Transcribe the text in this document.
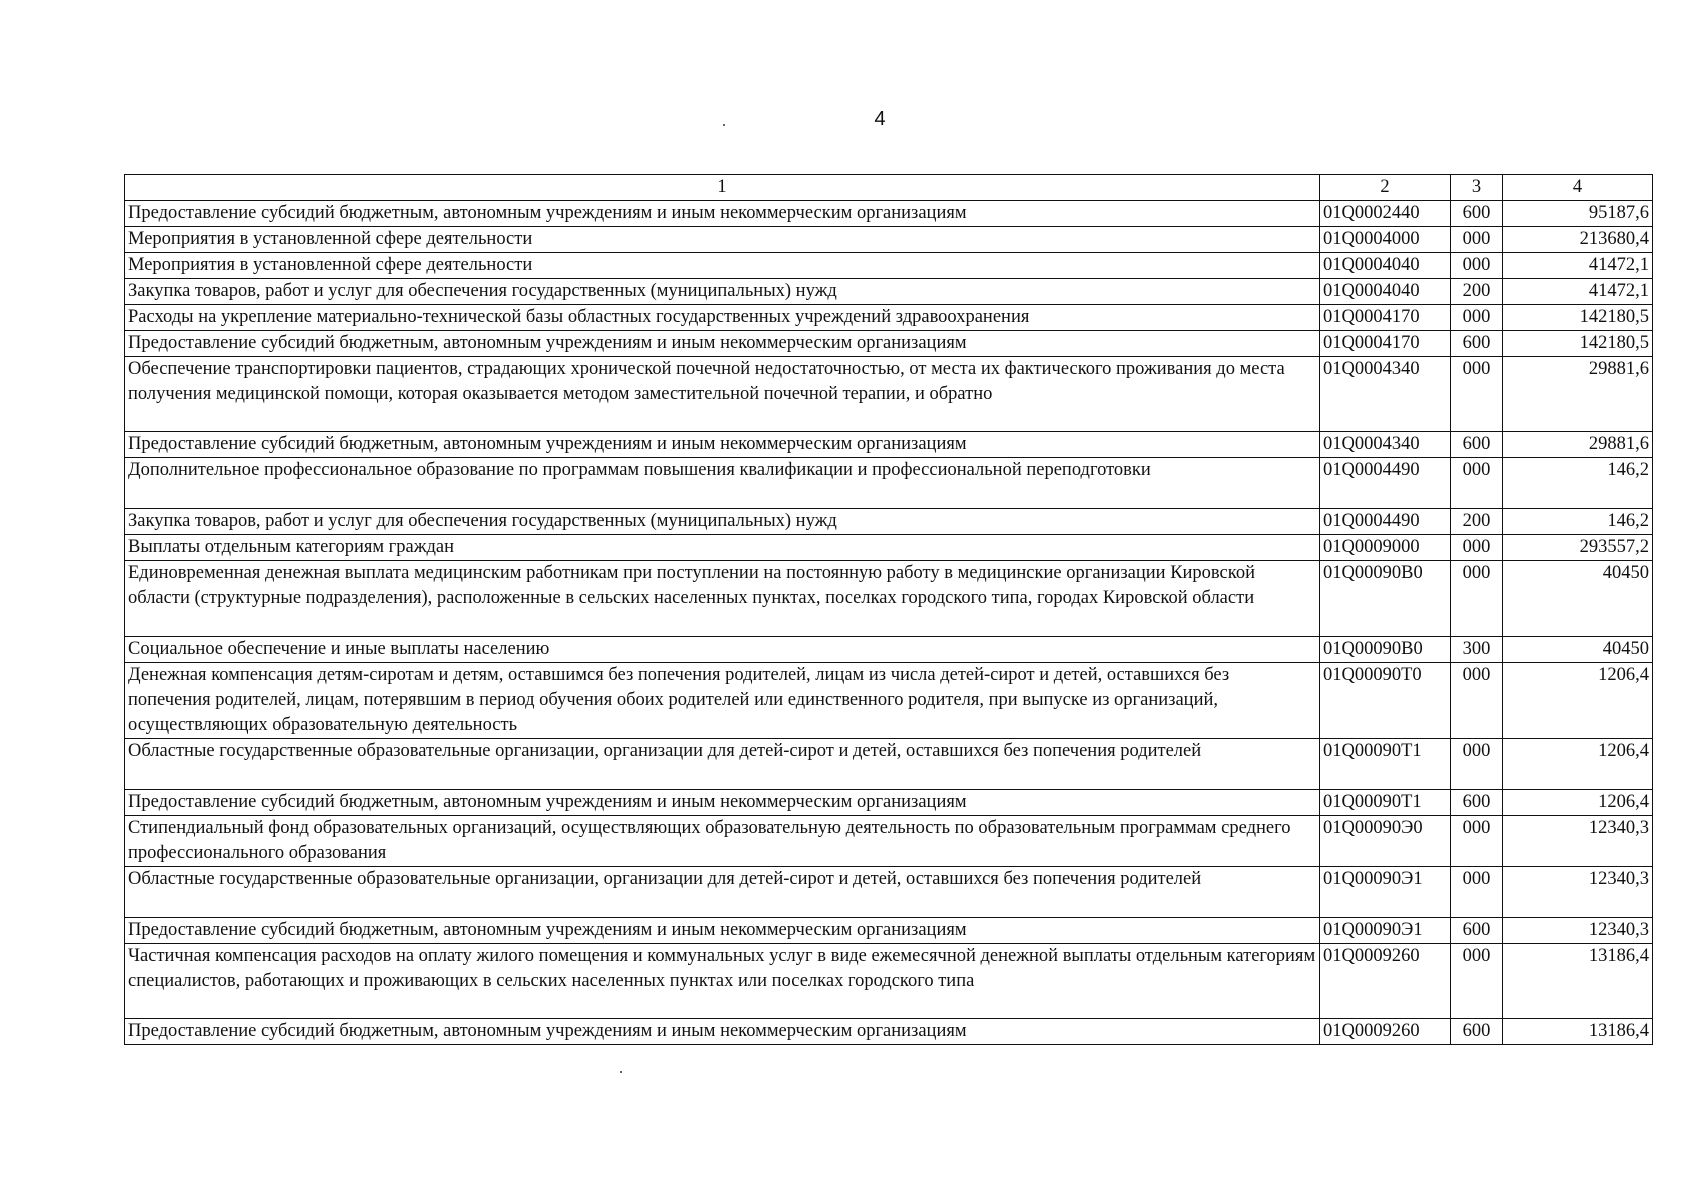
4
1	2	3	4
Предоставление субсидий бюджетным, автономным учреждениям и иным некоммерческим организациям	01Q0002440	600	95187,6
Мероприятия в установленной сфере деятельности	01Q0004000	000	213680,4
Мероприятия в установленной сфере деятельности	01Q0004040	000	41472,1
Закупка товаров, работ и услуг для обеспечения государственных (муниципальных) нужд	01Q0004040	200	41472,1
Расходы на укрепление материально-технической базы областных государственных учреждений здравоохранения	01Q0004170	000	142180,5
Предоставление субсидий бюджетным, автономным учреждениям и иным некоммерческим организациям	01Q0004170	600	142180,5
Обеспечение транспортировки пациентов, страдающих хронической почечной недостаточностью, от места их фактического проживания до места получения медицинской помощи, которая оказывается методом заместительной почечной терапии, и обратно	01Q0004340	000	29881,6
Предоставление субсидий бюджетным, автономным учреждениям и иным некоммерческим организациям	01Q0004340	600	29881,6
Дополнительное профессиональное образование по программам повышения квалификации и профессиональной переподготовки	01Q0004490	000	146,2
Закупка товаров, работ и услуг для обеспечения государственных (муниципальных) нужд	01Q0004490	200	146,2
Выплаты отдельным категориям граждан	01Q0009000	000	293557,2
Единовременная денежная выплата медицинским работникам при поступлении на постоянную работу в медицинские организации Кировской области (структурные подразделения), расположенные в сельских населенных пунктах, поселках городского типа, городах Кировской области	01Q00090B0	000	40450
Социальное обеспечение и иные выплаты населению	01Q00090B0	300	40450
Денежная компенсация детям-сиротам и детям, оставшимся без попечения родителей, лицам из числа детей-сирот и детей, оставшихся без попечения родителей, лицам, потерявшим в период обучения обоих родителей или единственного родителя, при выпуске из организаций, осуществляющих образовательную деятельность	01Q00090T0	000	1206,4
Областные государственные образовательные организации, организации для детей-сирот и детей, оставшихся без попечения родителей	01Q00090T1	000	1206,4
Предоставление субсидий бюджетным, автономным учреждениям и иным некоммерческим организациям	01Q00090T1	600	1206,4
Стипендиальный фонд образовательных организаций, осуществляющих образовательную деятельность по образовательным программам среднего профессионального образования	01Q00090Э0	000	12340,3
Областные государственные образовательные организации, организации для детей-сирот и детей, оставшихся без попечения родителей	01Q00090Э1	000	12340,3
Предоставление субсидий бюджетным, автономным учреждениям и иным некоммерческим организациям	01Q00090Э1	600	12340,3
Частичная компенсация расходов на оплату жилого помещения и коммунальных услуг в виде ежемесячной денежной выплаты отдельным категориям специалистов, работающих и проживающих в сельских населенных пунктах или поселках городского типа	01Q0009260	000	13186,4
Предоставление субсидий бюджетным, автономным учреждениям и иным некоммерческим организациям	01Q0009260	600	13186,4
